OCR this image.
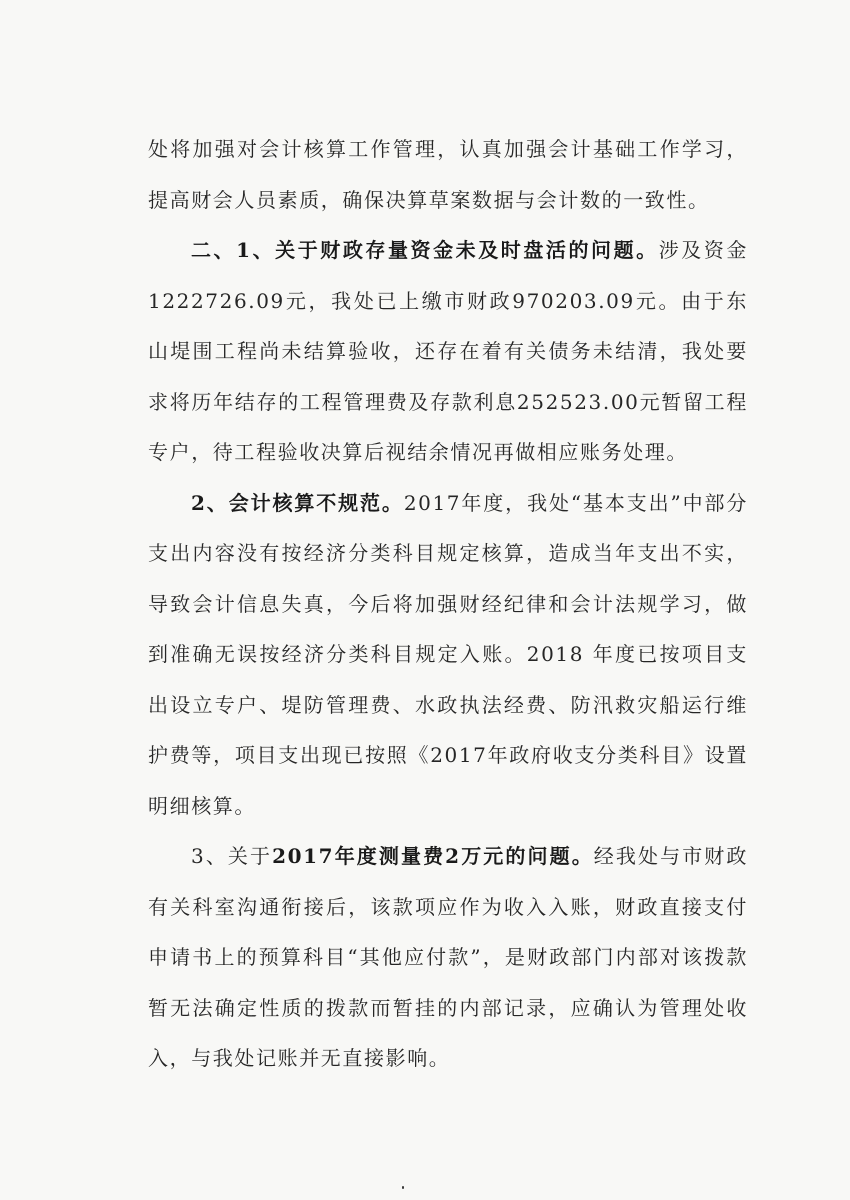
处将加强对会计核算工作管理，认真加强会计基础工作学习，提高财会人员素质，确保决算草案数据与会计数的一致性。

二、1、关于财政存量资金未及时盘活的问题。涉及资金1222726.09元，我处已上缴市财政970203.09元。由于东山堤围工程尚未结算验收，还存在着有关债务未结清，我处要求将历年结存的工程管理费及存款利息252523.00元暂留工程专户，待工程验收决算后视结余情况再做相应账务处理。

2、会计核算不规范。2017年度，我处“基本支出”中部分支出内容没有按经济分类科目规定核算，造成当年支出不实，导致会计信息失真，今后将加强财经纪律和会计法规学习，做到准确无误按经济分类科目规定入账。2018 年度已按项目支出设立专户、堤防管理费、水政执法经费、防汛救灾船运行维护费等，项目支出现已按照《2017年政府收支分类科目》设置明细核算。

3、关于2017年度测量费2万元的问题。经我处与市财政有关科室沟通衔接后，该款项应作为收入入账，财政直接支付申请书上的预算科目“其他应付款”，是财政部门内部对该拨款暂无法确定性质的拨款而暂挂的内部记录，应确认为管理处收入，与我处记账并无直接影响。
